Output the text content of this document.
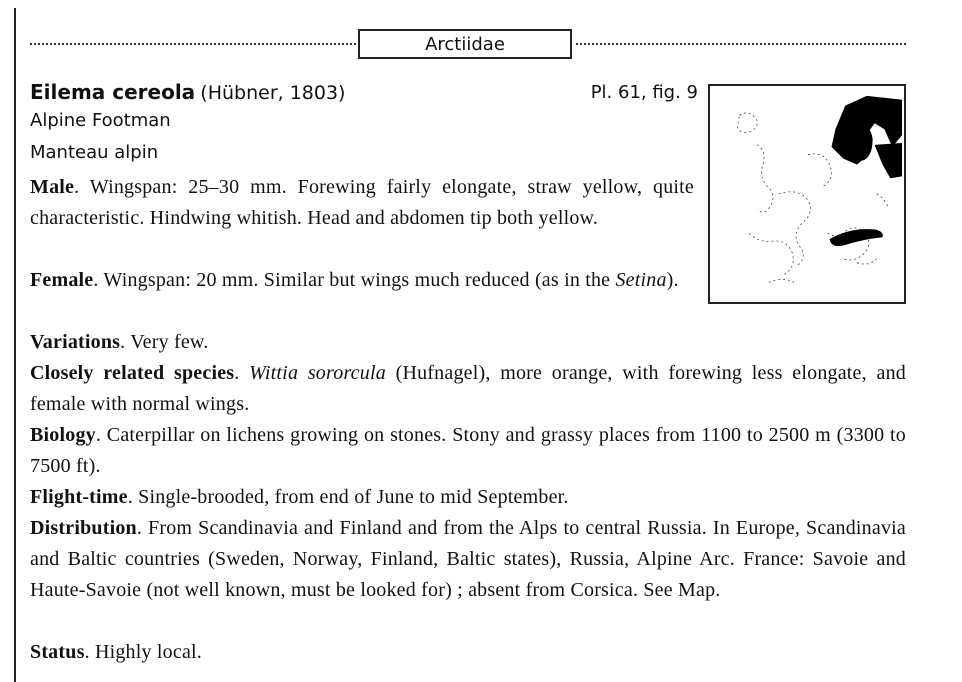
Arctiidae
Eilema cereola (Hübner, 1803)	Pl. 61, fig. 9
Alpine Footman
Manteau alpin
Male. Wingspan: 25–30 mm. Forewing fairly elongate, straw yellow, quite characteristic. Hindwing whitish. Head and abdomen tip both yellow.
Female. Wingspan: 20 mm. Similar but wings much reduced (as in the Setina).
Variations. Very few.
Closely related species. Wittia sororcula (Hufnagel), more orange, with forewing less elongate, and female with normal wings.
Biology. Caterpillar on lichens growing on stones. Stony and grassy places from 1100 to 2500 m (3300 to 7500 ft).
Flight-time. Single-brooded, from end of June to mid September.
Distribution. From Scandinavia and Finland and from the Alps to central Russia. In Europe, Scandinavia and Baltic countries (Sweden, Norway, Finland, Baltic states), Russia, Alpine Arc. France: Savoie and Haute-Savoie (not well known, must be looked for) ; absent from Corsica. See Map.
Status. Highly local.
